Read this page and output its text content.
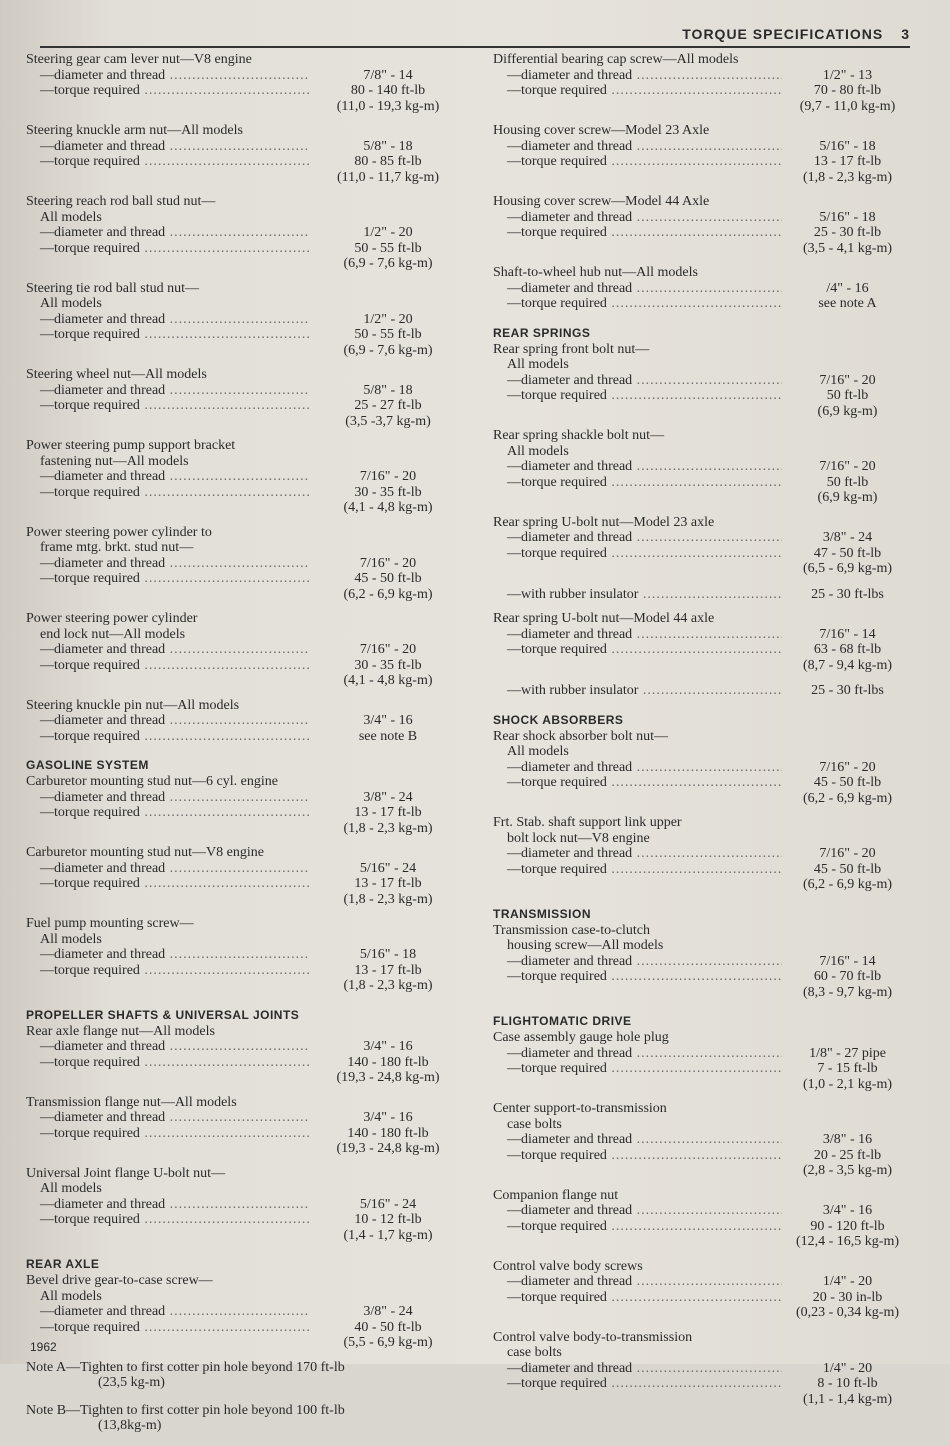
TORQUE SPECIFICATIONS 3
Steering gear cam lever nut—V8 engine
—diameter and thread .....	7/8" - 14
—torque required .....	80 - 140 ft-lb
(11,0 - 19,3 kg-m)
Steering knuckle arm nut—All models
—diameter and thread .....	5/8" - 18
—torque required .....	80 - 85 ft-lb
(11,0 - 11,7 kg-m)
Steering reach rod ball stud nut—
All models
—diameter and thread .....	1/2" - 20
—torque required .....	50 - 55 ft-lb
(6,9 - 7,6 kg-m)
Steering tie rod ball stud nut—
All models
—diameter and thread .....	1/2" - 20
—torque required .....	50 - 55 ft-lb
(6,9 - 7,6 kg-m)
Steering wheel nut—All models
—diameter and thread .....	5/8" - 18
—torque required .....	25 - 27 ft-lb
(3,5 -3,7 kg-m)
Power steering pump support bracket
fastening nut—All models
—diameter and thread .....	7/16" - 20
—torque required .....	30 - 35 ft-lb
(4,1 - 4,8 kg-m)
Power steering power cylinder to
frame mtg. brkt. stud nut—
—diameter and thread .....	7/16" - 20
—torque required .....	45 - 50 ft-lb
(6,2 - 6,9 kg-m)
Power steering power cylinder
end lock nut—All models
—diameter and thread .....	7/16" - 20
—torque required .....	30 - 35 ft-lb
(4,1 - 4,8 kg-m)
Steering knuckle pin nut—All models
—diameter and thread .....	3/4" - 16
—torque required .....	see note B
GASOLINE SYSTEM
Carburetor mounting stud nut—6 cyl. engine
—diameter and thread .....	3/8" - 24
—torque required .....	13 - 17 ft-lb
(1,8 - 2,3 kg-m)
Carburetor mounting stud nut—V8 engine
—diameter and thread .....	5/16" - 24
—torque required .....	13 - 17 ft-lb
(1,8 - 2,3 kg-m)
Fuel pump mounting screw—
All models
—diameter and thread .....	5/16" - 18
—torque required .....	13 - 17 ft-lb
(1,8 - 2,3 kg-m)
PROPELLER SHAFTS & UNIVERSAL JOINTS
Rear axle flange nut—All models
—diameter and thread .....	3/4" - 16
—torque required .....	140 - 180 ft-lb
(19,3 - 24,8 kg-m)
Transmission flange nut—All models
—diameter and thread .....	3/4" - 16
—torque required .....	140 - 180 ft-lb
(19,3 - 24,8 kg-m)
Universal Joint flange U-bolt nut—
All models
—diameter and thread .....	5/16" - 24
—torque required .....	10 - 12 ft-lb
(1,4 - 1,7 kg-m)
REAR AXLE
Bevel drive gear-to-case screw—
All models
—diameter and thread .....	3/8" - 24
—torque required .....	40 - 50 ft-lb
(5,5 - 6,9 kg-m)
Note A—Tighten to first cotter pin hole beyond 170 ft-lb
(23,5 kg-m)
Note B—Tighten to first cotter pin hole beyond 100 ft-lb
(13,8kg-m)
Differential bearing cap screw—All models
—diameter and thread .....	1/2" - 13
—torque required .....	70 - 80 ft-lb
(9,7 - 11,0 kg-m)
Housing cover screw—Model 23 Axle
—diameter and thread .....	5/16" - 18
—torque required .....	13 - 17 ft-lb
(1,8 - 2,3 kg-m)
Housing cover screw—Model 44 Axle
—diameter and thread .....	5/16" - 18
—torque required .....	25 - 30 ft-lb
(3,5 - 4,1 kg-m)
Shaft-to-wheel hub nut—All models
—diameter and thread .....	/4" - 16
—torque required .....	see note A
REAR SPRINGS
Rear spring front bolt nut—
All models
—diameter and thread .....	7/16" - 20
—torque required .....	50 ft-lb
(6,9 kg-m)
Rear spring shackle bolt nut—
All models
—diameter and thread .....	7/16" - 20
—torque required .....	50 ft-lb
(6,9 kg-m)
Rear spring U-bolt nut—Model 23 axle
—diameter and thread .....	3/8" - 24
—torque required .....	47 - 50 ft-lb
(6,5 - 6,9 kg-m)
—with rubber insulator .....	25 - 30 ft-lbs
Rear spring U-bolt nut—Model 44 axle
—diameter and thread .....	7/16" - 14
—torque required .....	63 - 68 ft-lb
(8,7 - 9,4 kg-m)
—with rubber insulator .....	25 - 30 ft-lbs
SHOCK ABSORBERS
Rear shock absorber bolt nut—
All models
—diameter and thread .....	7/16" - 20
—torque required .....	45 - 50 ft-lb
(6,2 - 6,9 kg-m)
Frt. Stab. shaft support link upper
bolt lock nut—V8 engine
—diameter and thread .....	7/16" - 20
—torque required .....	45 - 50 ft-lb
(6,2 - 6,9 kg-m)
TRANSMISSION
Transmission case-to-clutch
housing screw—All models
—diameter and thread .....	7/16" - 14
—torque required .....	60 - 70 ft-lb
(8,3 - 9,7 kg-m)
FLIGHTOMATIC DRIVE
Case assembly gauge hole plug
—diameter and thread .....	1/8" - 27 pipe
—torque required .....	7 - 15 ft-lb
(1,0 - 2,1 kg-m)
Center support-to-transmission
case bolts
—diameter and thread .....	3/8" - 16
—torque required .....	20 - 25 ft-lb
(2,8 - 3,5 kg-m)
Companion flange nut
—diameter and thread .....	3/4" - 16
—torque required .....	90 - 120 ft-lb
(12,4 - 16,5 kg-m)
Control valve body screws
—diameter and thread .....	1/4" - 20
—torque required .....	20 - 30 in-lb
(0,23 - 0,34 kg-m)
Control valve body-to-transmission
case bolts
—diameter and thread .....	1/4" - 20
—torque required .....	8 - 10 ft-lb
(1,1 - 1,4 kg-m)
1962
